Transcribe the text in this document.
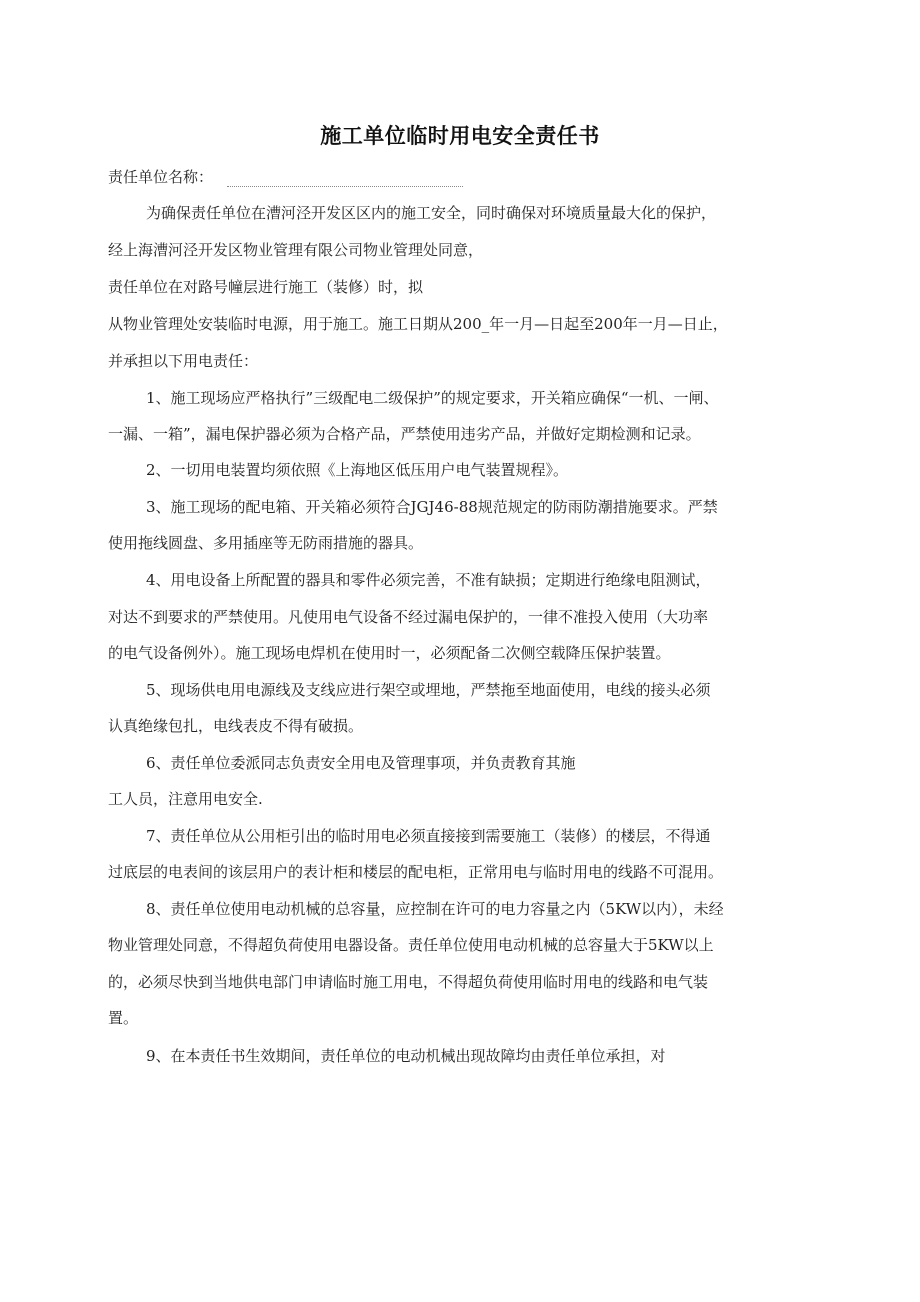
施工单位临时用电安全责任书
责任单位名称：
为确保责任单位在漕河泾开发区区内的施工安全，同时确保对环境质量最大化的保护，
经上海漕河泾开发区物业管理有限公司物业管理处同意，
责任单位在对路号幢层进行施工（装修）时，拟
从物业管理处安装临时电源，用于施工。施工日期从200_年一月—日起至200年一月—日止，
并承担以下用电责任：
1、施工现场应严格执行”三级配电二级保护”的规定要求，开关箱应确保“一机、一闸、
一漏、一箱”，漏电保护器必须为合格产品，严禁使用违劣产品，并做好定期检测和记录。
2、一切用电装置均须依照《上海地区低压用户电气装置规程》。
3、施工现场的配电箱、开关箱必须符合JGJ46-88规范规定的防雨防潮措施要求。严禁
使用拖线圆盘、多用插座等无防雨措施的器具。
4、用电设备上所配置的器具和零件必须完善，不准有缺损；定期进行绝缘电阻测试，
对达不到要求的严禁使用。凡使用电气设备不经过漏电保护的，一律不准投入使用（大功率
的电气设备例外）。施工现场电焊机在使用时一，必须配备二次侧空载降压保护装置。
5、现场供电用电源线及支线应进行架空或埋地，严禁拖至地面使用，电线的接头必须
认真绝缘包扎，电线表皮不得有破损。
6、责任单位委派同志负责安全用电及管理事项，并负责教育其施
工人员，注意用电安全.
7、责任单位从公用柜引出的临时用电必须直接接到需要施工（装修）的楼层，不得通
过底层的电表间的该层用户的表计柜和楼层的配电柜，正常用电与临时用电的线路不可混用。
8、责任单位使用电动机械的总容量，应控制在许可的电力容量之内（5KW以内），未经
物业管理处同意，不得超负荷使用电器设备。责任单位使用电动机械的总容量大于5KW以上
的，必须尽快到当地供电部门申请临时施工用电，不得超负荷使用临时用电的线路和电气装
置。
9、在本责任书生效期间，责任单位的电动机械出现故障均由责任单位承担，对
